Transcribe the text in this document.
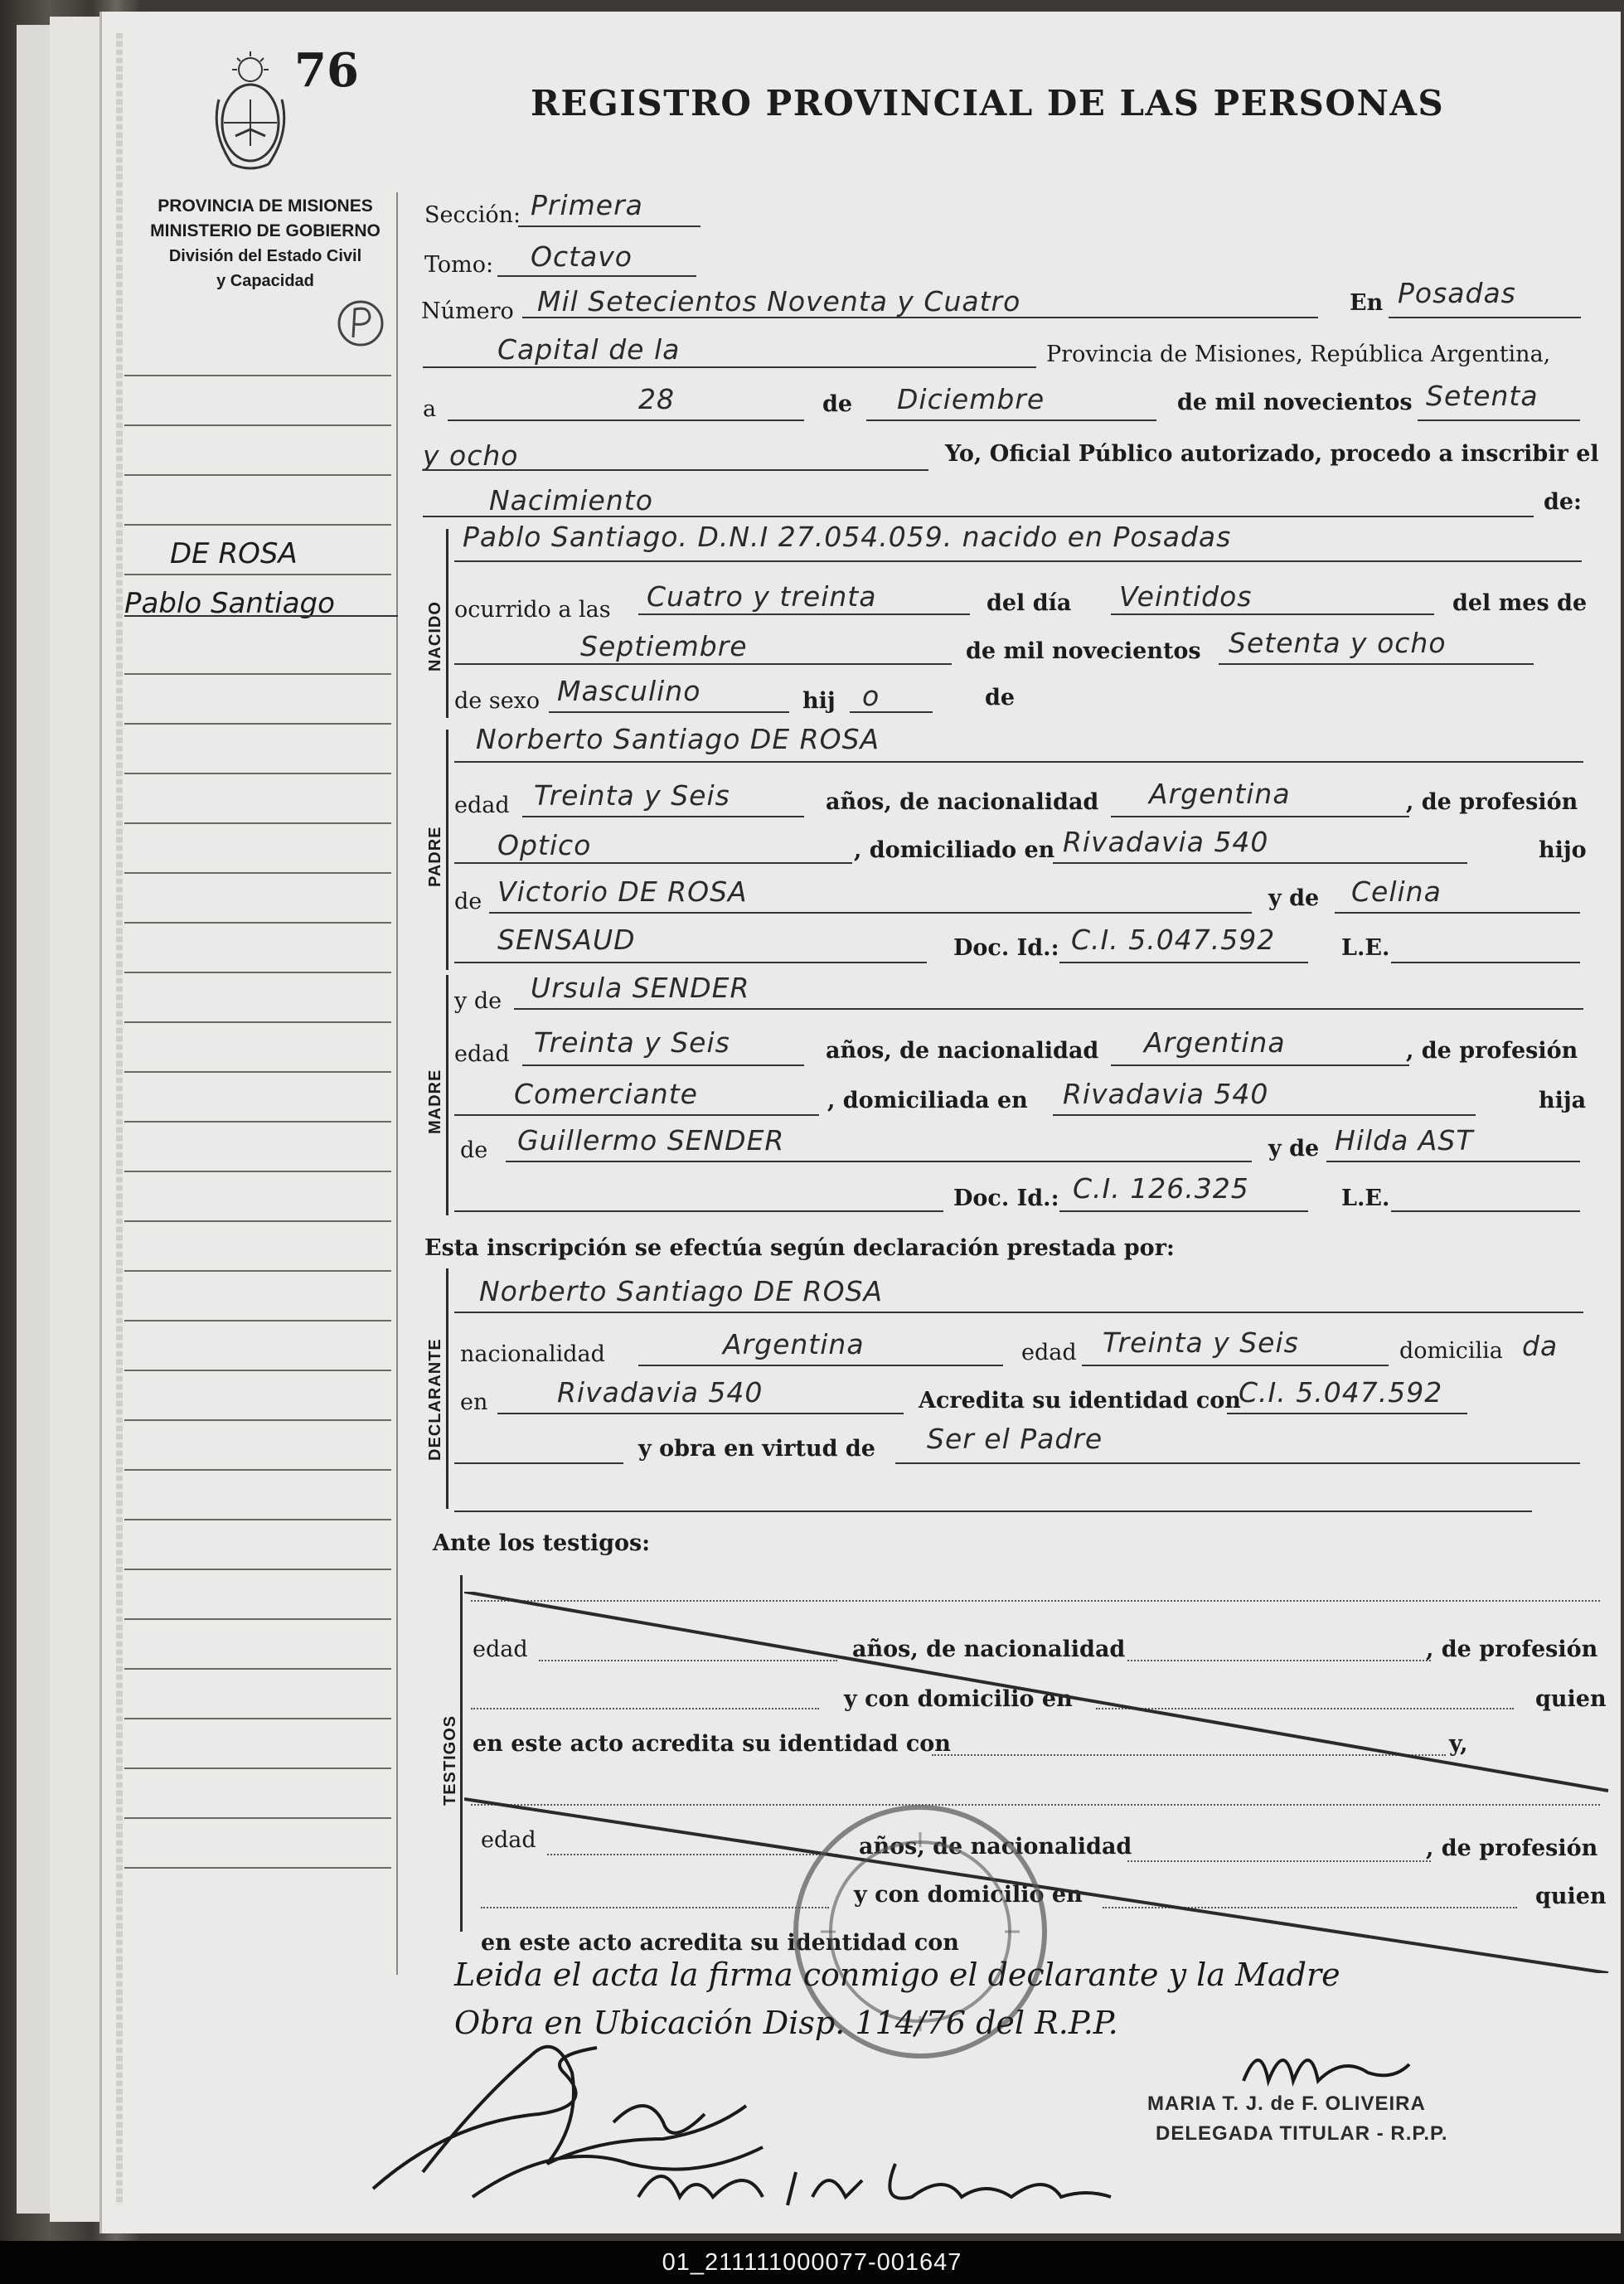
76
REGISTRO PROVINCIAL DE LAS PERSONAS
PROVINCIA DE MISIONES
MINISTERIO DE GOBIERNO
División del Estado Civil
y Capacidad
DE ROSA
Pablo Santiago
Sección: Primera
Tomo: Octavo
Número Mil Setecientos Noventa y Cuatro	En Posadas
Capital de la	Provincia de Misiones, República Argentina,
a	28	de Diciembre	de mil novecientos Setenta
y ocho	Yo, Oficial Público autorizado, procedo a inscribir el
Nacimiento	de:
NACIDO
Pablo Santiago. D.N.I 27.054.059. nacido en Posadas
ocurrido a las Cuatro y treinta	del día Veintidos	del mes de
Septiembre	de mil novecientos Setenta y ocho
de sexo Masculino	hij o	de
PADRE
Norberto Santiago DE ROSA
edad Treinta y Seis	años, de nacionalidad Argentina	, de profesión
Optico	, domiciliado en Rivadavia 540	hijo
de Victorio DE ROSA	y de Celina
SENSAUD	Doc. Id.: C.I. 5.047.592	L.E.
MADRE
y de Ursula SENDER
edad Treinta y Seis	años, de nacionalidad Argentina	, de profesión
Comerciante	, domiciliada en Rivadavia 540	hija
de Guillermo SENDER	y de Hilda AST
Doc. Id.: C.I. 126.325	L.E.
Esta inscripción se efectúa según declaración prestada por:
DECLARANTE
Norberto Santiago DE ROSA
nacionalidad	Argentina	edad Treinta y Seis	domicilia da
en	Rivadavia 540	Acredita su identidad con
C.I. 5.047.592
y obra en virtud de Ser el Padre
Ante los testigos:
TESTIGOS
edad	años, de nacionalidad	, de profesión
y con domicilio en	quien
en este acto acredita su identidad con	y,
edad	años, de nacionalidad	, de profesión
y con domicilio en	quien
en este acto acredita su identidad con
Leida el acta la firma conmigo el declarante y la Madre
Obra en Ubicación Disp. 114/76 del R.P.P.
MARIA T. J. de F. OLIVEIRA
DELEGADA TITULAR - R.P.P.
01_211111000077-001647
